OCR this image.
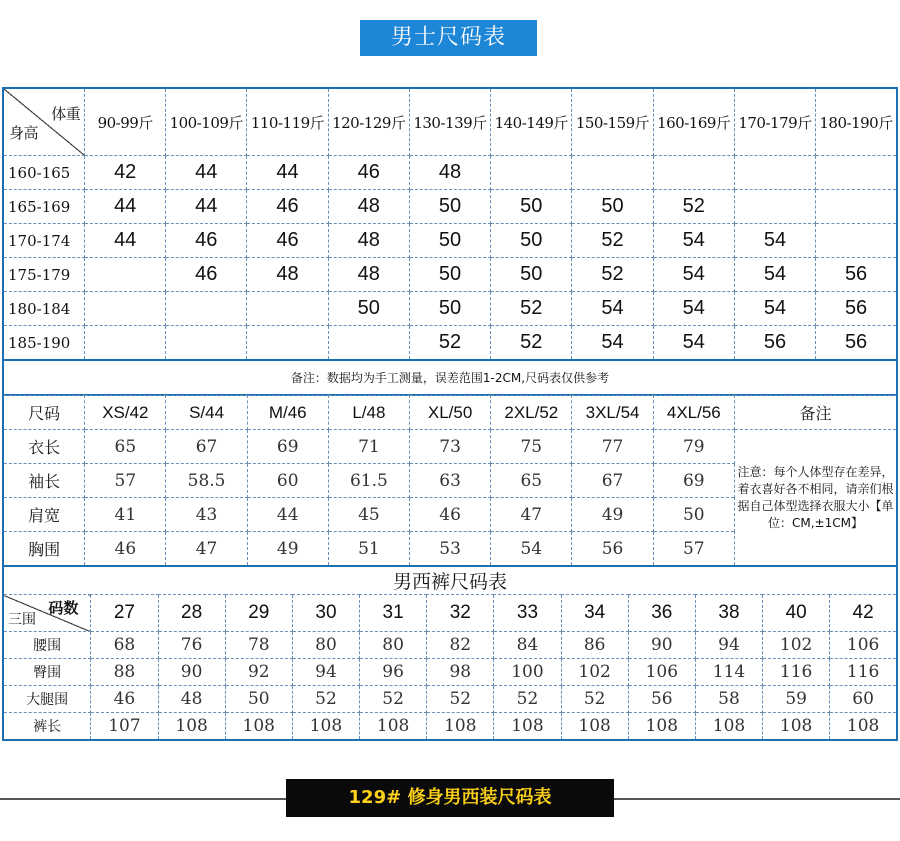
男士尺码表
体重
身高	90-99斤	100-109斤	110-119斤	120-129斤	130-139斤	140-149斤	150-159斤	160-169斤	170-179斤	180-190斤
160-165	42	44	44	46	48					
165-169	44	44	46	48	50	50	50	52		
170-174	44	46	46	48	50	50	52	54	54	
175-179		46	48	48	50	50	52	54	54	56
180-184				50	50	52	54	54	54	56
185-190					52	52	54	54	56	56
备注：数据均为手工测量，误差范围1-2CM,尺码表仅供参考										
尺码	XS/42	S/44	M/46	L/48	XL/50	2XL/52	3XL/54	4XL/56	备注
衣长	65	67	69	71	73	75	77	79	注意：每个人体型存在差异，着衣喜好各不相同，请亲们根据自己体型选择衣服大小【单位：CM,±1CM】
袖长	57	58.5	60	61.5	63	65	67	69	
肩宽	41	43	44	45	46	47	49	50	
胸围	46	47	49	51	53	54	56	57	
男西裤尺码表												

码数
三围	27	28	29	30	31	32	33	34	36	38	40	42
腰围	68	76	78	80	80	82	84	86	90	94	102	106
臀围	88	90	92	94	96	98	100	102	106	114	116	116
大腿围	46	48	50	52	52	52	52	52	56	58	59	60
裤长	107	108	108	108	108	108	108	108	108	108	108	108
129# 修身男西装尺码表
